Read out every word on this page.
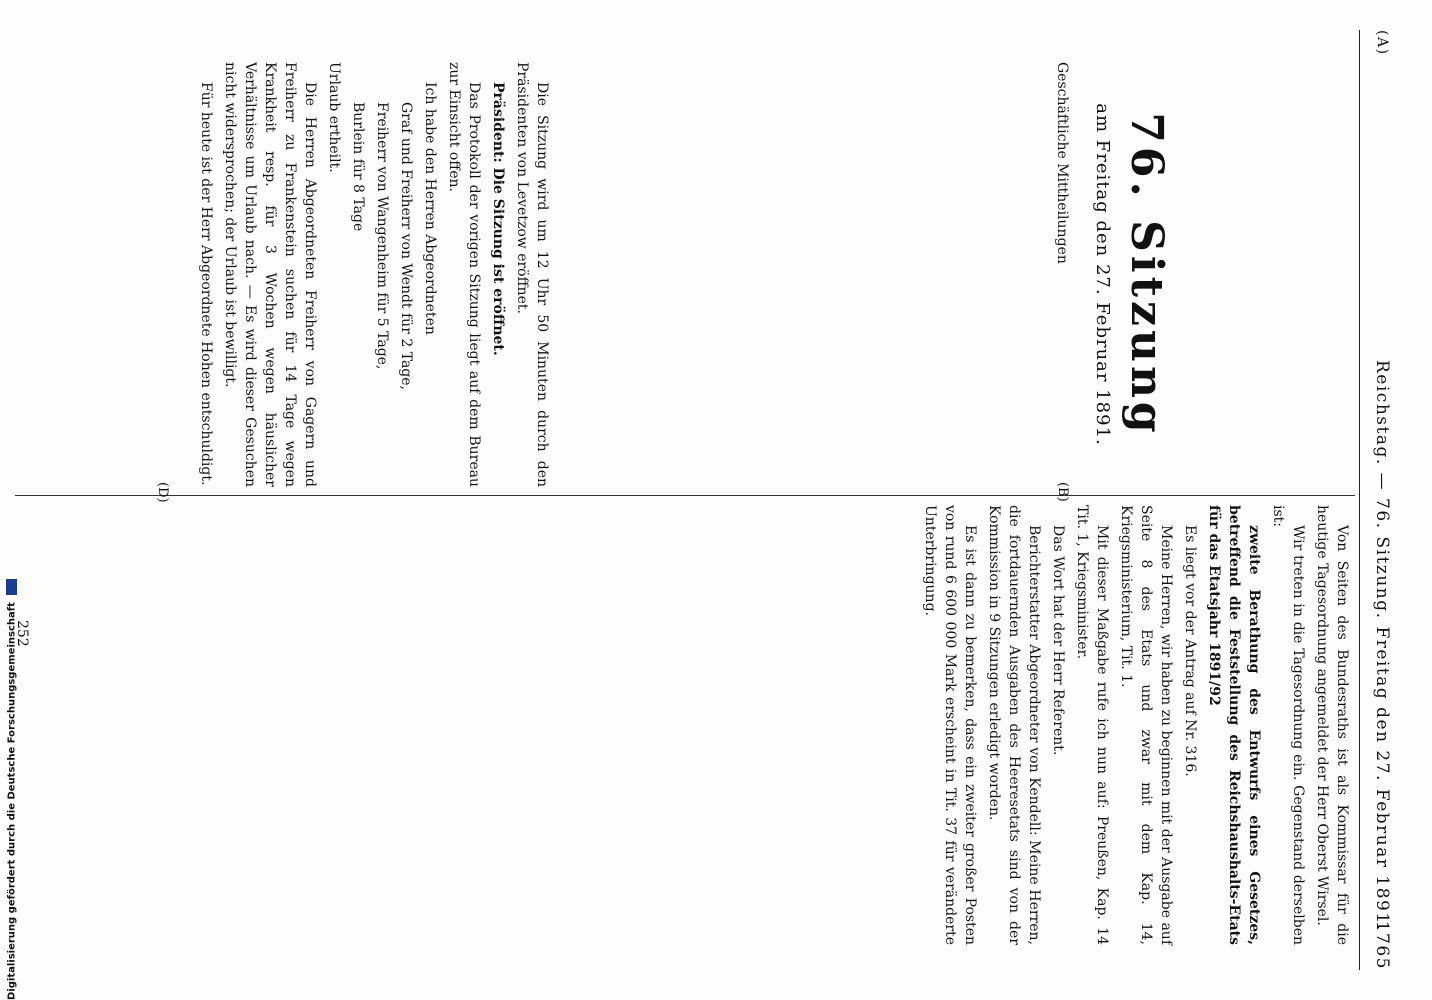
(A)
Reichstag. — 76. Sitzung. Freitag den 27. Februar 1891.
1765
76. Sitzung
am Freitag den 27. Februar 1891.

Geschäftliche Mittheilungen

Die Sitzung wird um 12 Uhr 50 Minuten durch den Präsidenten von Levetzow eröffnet.

Präsident: Die Sitzung ist eröffnet.

Das Protokoll der vorigen Sitzung liegt auf dem Bureau zur Einsicht offen.

Ich habe den Herren Abgeordneten

Graf und Freiherr von Wendt für 2 Tage,

Freiherr von Wangenheim für 5 Tage,

Burlein für 8 Tage

Urlaub ertheilt.

Die Herren Abgeordneten Freiherr von Gagern und Freiherr zu Frankenstein suchen für 14 Tage wegen Krankheit resp. für 3 Wochen wegen häuslicher Verhältnisse um Urlaub nach. — Es wird dieser Gesuchen nicht widersprochen; der Urlaub ist bewilligt.

Für heute ist der Herr Abgeordnete Hohen entschuldigt.

(B)
(D)

Von Seiten des Bundesraths ist als Kommissar für die heutige Tagesordnung angemeldet der Herr Oberst Wirsel.

Wir treten in die Tagesordnung ein. Gegenstand derselben ist:

zweite Berathung des Entwurfs eines Gesetzes, betreffend die Feststellung des Reichshaushalts-Etats für das Etatsjahr 1891/92

Es liegt vor der Antrag auf Nr. 316.

Meine Herren, wir haben zu beginnen mit der Ausgabe auf Seite 8 des Etats und zwar mit dem Kap. 14, Kriegsministerium, Tit. 1.

Mit dieser Maßgabe rufe ich nun auf: Preußen, Kap. 14 Tit. 1, Kriegsminister.

Das Wort hat der Herr Referent.

Berichterstatter Abgeordneter von Kendell: Meine Herren, die fortdauernden Ausgaben des Heeresetats sind von der Kommission in 9 Sitzungen erledigt worden.

Es ist dann zu bemerken, dass ein zweiter großer Posten von rund 6 600 000 Mark erscheint in Tit. 37 für veränderte Unterbringung.

252
Digitalisierung gefördert durch die Deutsche Forschungsgemeinschaft
